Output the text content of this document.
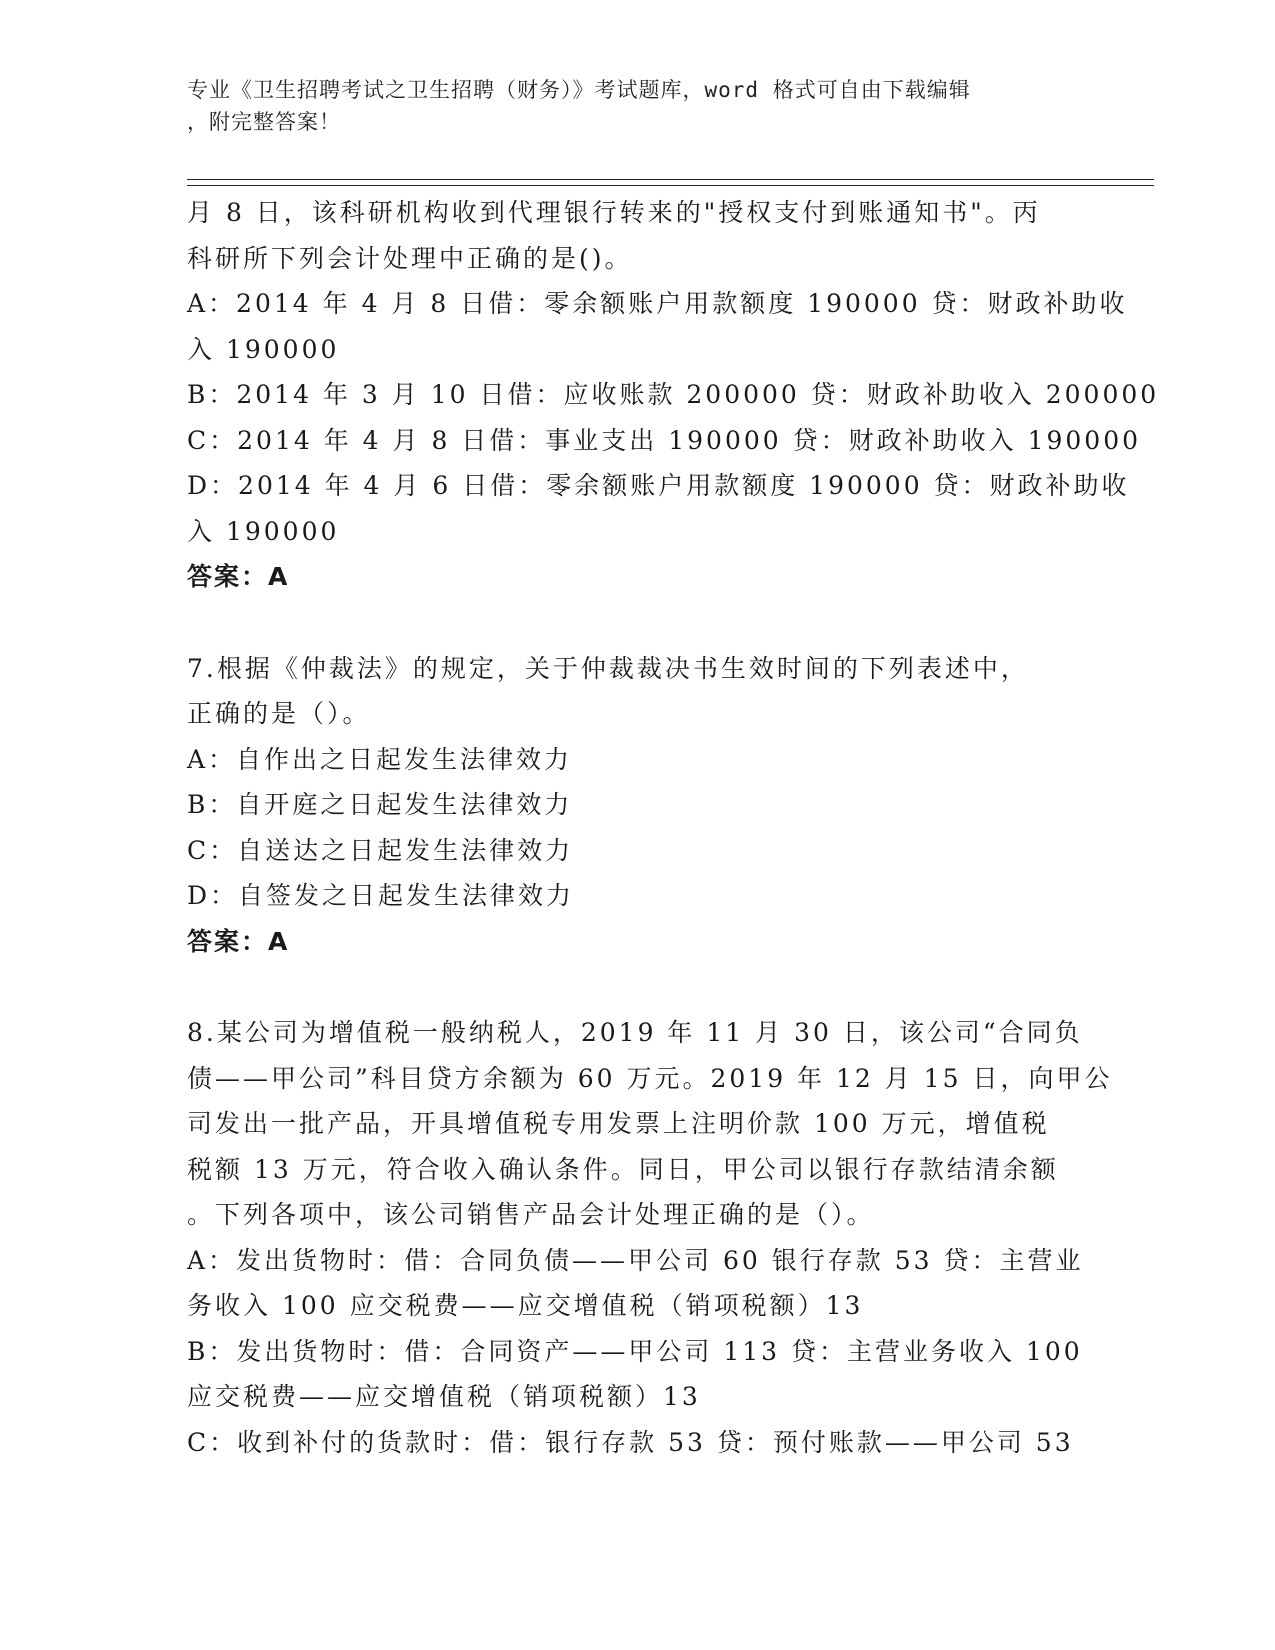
专业《卫生招聘考试之卫生招聘（财务）》考试题库，word 格式可自由下载编辑
，附完整答案！
月 8 日，该科研机构收到代理银行转来的"授权支付到账通知书"。丙
科研所下列会计处理中正确的是()。
A：2014 年 4 月 8 日借：零余额账户用款额度 190000 贷：财政补助收
入 190000
B：2014 年 3 月 10 日借：应收账款 200000 贷：财政补助收入 200000
C：2014 年 4 月 8 日借：事业支出 190000 贷：财政补助收入 190000
D：2014 年 4 月 6 日借：零余额账户用款额度 190000 贷：财政补助收
入 190000
答案：A
7.根据《仲裁法》的规定，关于仲裁裁决书生效时间的下列表述中，
正确的是（）。
A：自作出之日起发生法律效力
B：自开庭之日起发生法律效力
C：自送达之日起发生法律效力
D：自签发之日起发生法律效力
答案：A
8.某公司为增值税一般纳税人，2019 年 11 月 30 日，该公司“合同负
债——甲公司”科目贷方余额为 60 万元。2019 年 12 月 15 日，向甲公
司发出一批产品，开具增值税专用发票上注明价款 100 万元，增值税
税额 13 万元，符合收入确认条件。同日，甲公司以银行存款结清余额
。下列各项中，该公司销售产品会计处理正确的是（）。
A：发出货物时：借：合同负债——甲公司 60 银行存款 53 贷：主营业
务收入 100 应交税费——应交增值税（销项税额）13
B：发出货物时：借：合同资产——甲公司 113 贷：主营业务收入 100
应交税费——应交增值税（销项税额）13
C：收到补付的货款时：借：银行存款 53 贷：预付账款——甲公司 53
